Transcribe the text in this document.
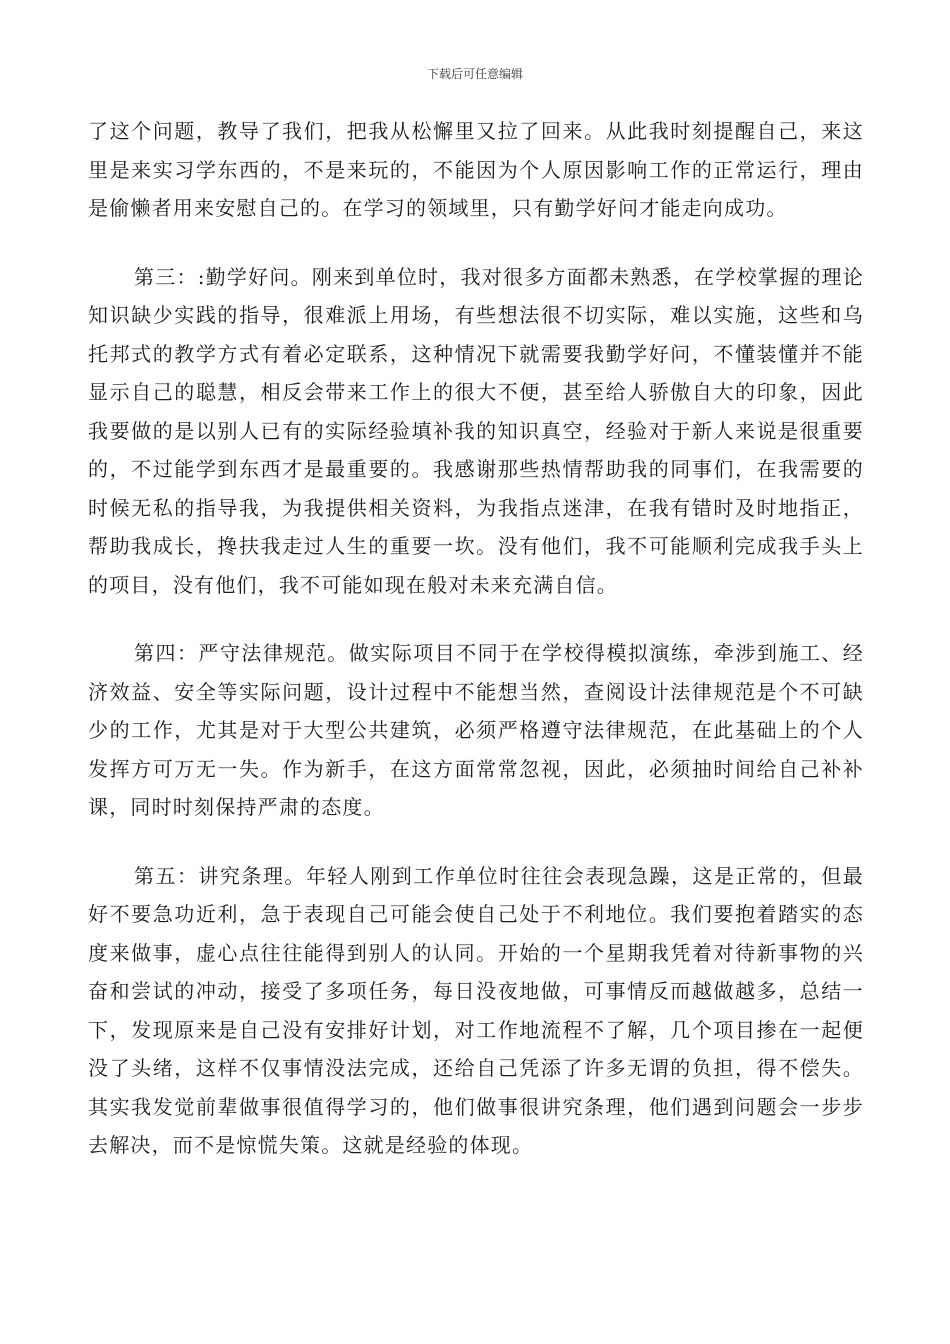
下载后可任意编辑

了这个问题，教导了我们，把我从松懈里又拉了回来。从此我时刻提醒自己，来这里是来实习学东西的，不是来玩的，不能因为个人原因影响工作的正常运行，理由是偷懒者用来安慰自己的。在学习的领域里，只有勤学好问才能走向成功。

第三：:勤学好问。刚来到单位时，我对很多方面都未熟悉，在学校掌握的理论知识缺少实践的指导，很难派上用场，有些想法很不切实际，难以实施，这些和乌托邦式的教学方式有着必定联系，这种情况下就需要我勤学好问，不懂装懂并不能显示自己的聪慧，相反会带来工作上的很大不便，甚至给人骄傲自大的印象，因此我要做的是以别人已有的实际经验填补我的知识真空，经验对于新人来说是很重要的，不过能学到东西才是最重要的。我感谢那些热情帮助我的同事们，在我需要的时候无私的指导我，为我提供相关资料，为我指点迷津，在我有错时及时地指正，帮助我成长，搀扶我走过人生的重要一坎。没有他们，我不可能顺利完成我手头上的项目，没有他们，我不可能如现在般对未来充满自信。

第四：严守法律规范。做实际项目不同于在学校得模拟演练，牵涉到施工、经济效益、安全等实际问题，设计过程中不能想当然，查阅设计法律规范是个不可缺少的工作，尤其是对于大型公共建筑，必须严格遵守法律规范，在此基础上的个人发挥方可万无一失。作为新手，在这方面常常忽视，因此，必须抽时间给自己补补课，同时时刻保持严肃的态度。

第五：讲究条理。年轻人刚到工作单位时往往会表现急躁，这是正常的，但最好不要急功近利，急于表现自己可能会使自己处于不利地位。我们要抱着踏实的态度来做事，虚心点往往能得到别人的认同。开始的一个星期我凭着对待新事物的兴奋和尝试的冲动，接受了多项任务，每日没夜地做，可事情反而越做越多，总结一下，发现原来是自己没有安排好计划，对工作地流程不了解，几个项目掺在一起便没了头绪，这样不仅事情没法完成，还给自己凭添了许多无谓的负担，得不偿失。其实我发觉前辈做事很值得学习的，他们做事很讲究条理，他们遇到问题会一步步去解决，而不是惊慌失策。这就是经验的体现。
